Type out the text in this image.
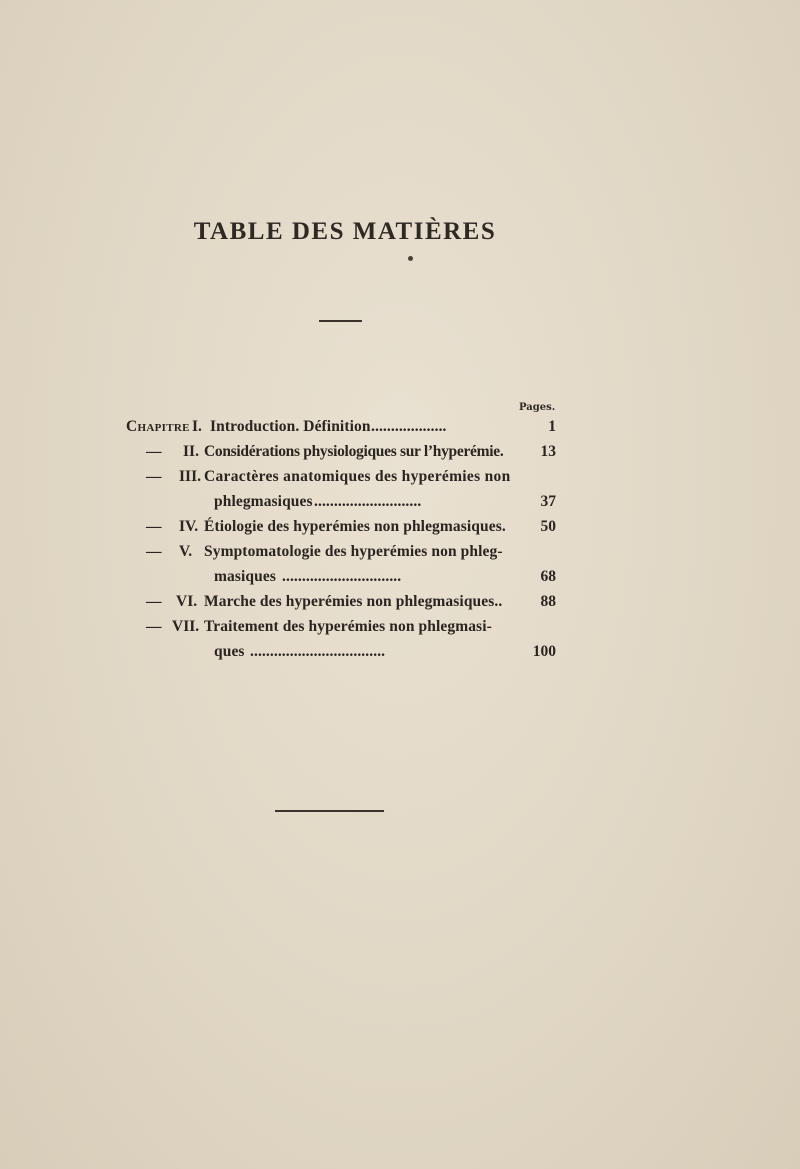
TABLE DES MATIÈRES
Pages.
Chapitre I. Introduction. Définition ...................	1
— II. Considérations physiologiques sur l’hyperémie.	13
— III. Caractères anatomiques des hyperémies non
phlegmasiques ...........................	37
— IV. Étiologie des hyperémies non phlegmasiques.	50
— V. Symptomatologie des hyperémies non phleg-
masiques ..............................	68
— VI. Marche des hyperémies non phlegmasiques..	88
— VII. Traitement des hyperémies non phlegmasi-
ques ..................................	100
